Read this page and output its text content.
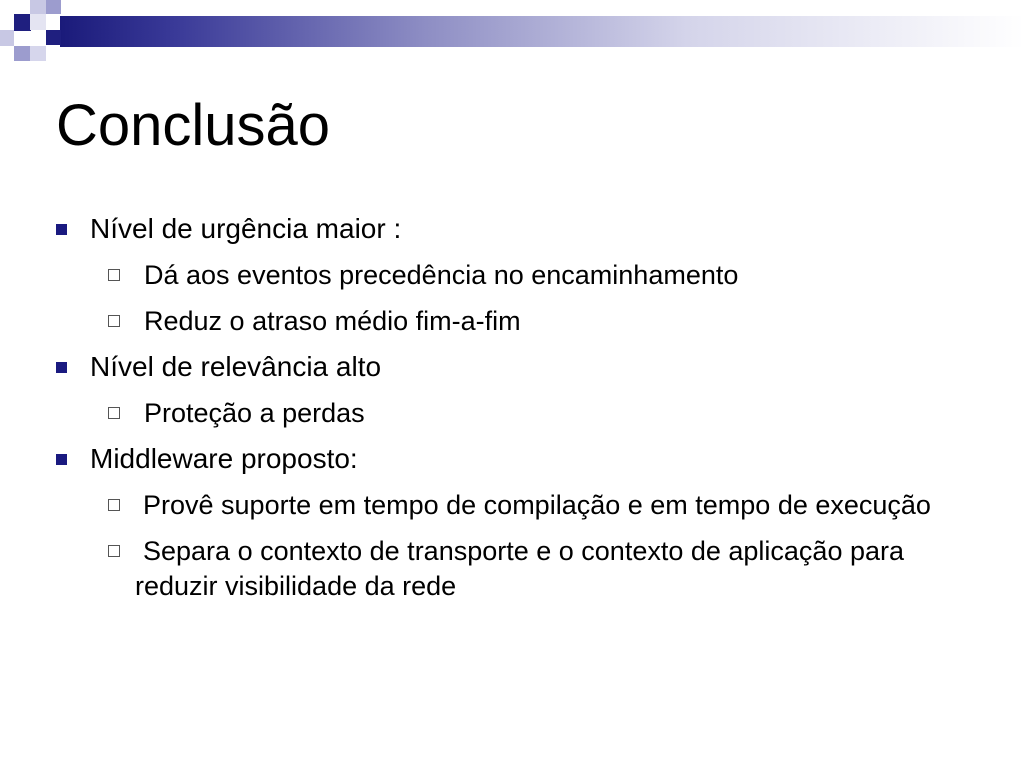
Conclusão
Nível de urgência maior :
Dá aos eventos precedência no encaminhamento
Reduz o atraso médio fim-a-fim
Nível de relevância alto
Proteção a perdas
Middleware proposto:
Provê suporte em tempo de compilação e em tempo de execução
Separa o contexto de transporte e o contexto de aplicação para reduzir visibilidade da rede
